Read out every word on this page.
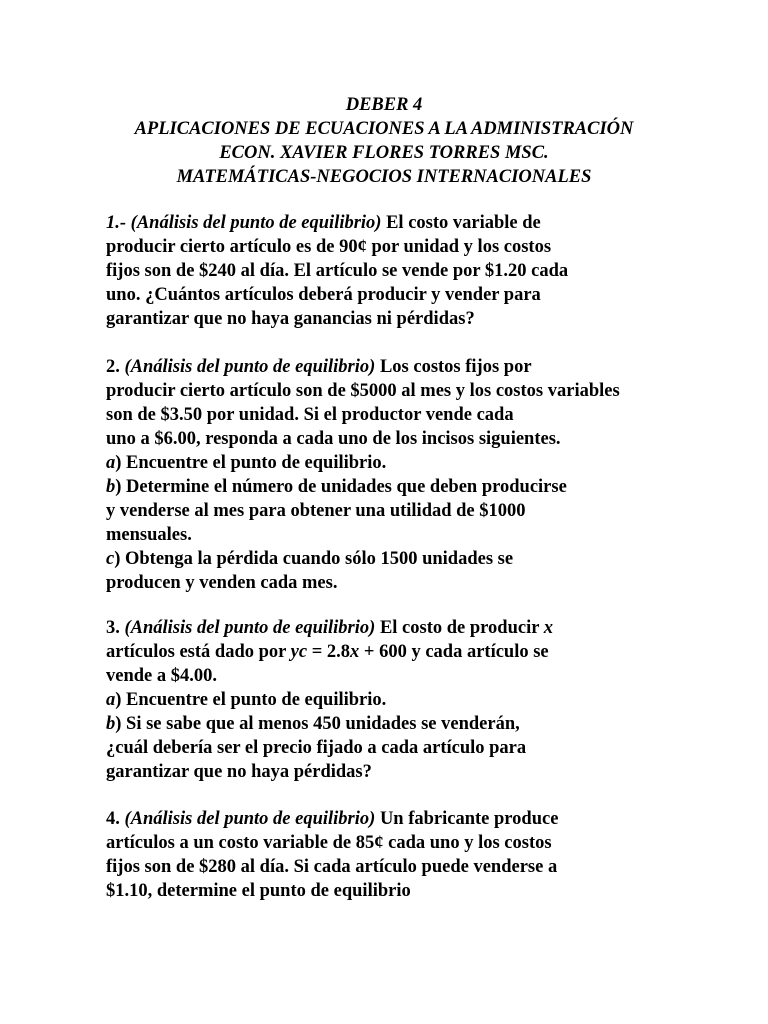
DEBER 4
APLICACIONES DE ECUACIONES A LA ADMINISTRACIÓN
ECON. XAVIER FLORES TORRES MSC.
MATEMÁTICAS-NEGOCIOS INTERNACIONALES
1.- (Análisis del punto de equilibrio) El costo variable de
producir cierto artículo es de 90¢ por unidad y los costos
fijos son de $240 al día. El artículo se vende por $1.20 cada
uno. ¿Cuántos artículos deberá producir y vender para
garantizar que no haya ganancias ni pérdidas?
2. (Análisis del punto de equilibrio) Los costos fijos por
producir cierto artículo son de $5000 al mes y los costos variables
son de $3.50 por unidad. Si el productor vende cada
uno a $6.00, responda a cada uno de los incisos siguientes.
a) Encuentre el punto de equilibrio.
b) Determine el número de unidades que deben producirse
y venderse al mes para obtener una utilidad de $1000
mensuales.
c) Obtenga la pérdida cuando sólo 1500 unidades se
producen y venden cada mes.
3. (Análisis del punto de equilibrio) El costo de producir x
artículos está dado por yc = 2.8x + 600 y cada artículo se
vende a $4.00.
a) Encuentre el punto de equilibrio.
b) Si se sabe que al menos 450 unidades se venderán,
¿cuál debería ser el precio fijado a cada artículo para
garantizar que no haya pérdidas?
4. (Análisis del punto de equilibrio) Un fabricante produce
artículos a un costo variable de 85¢ cada uno y los costos
fijos son de $280 al día. Si cada artículo puede venderse a
$1.10, determine el punto de equilibrio
